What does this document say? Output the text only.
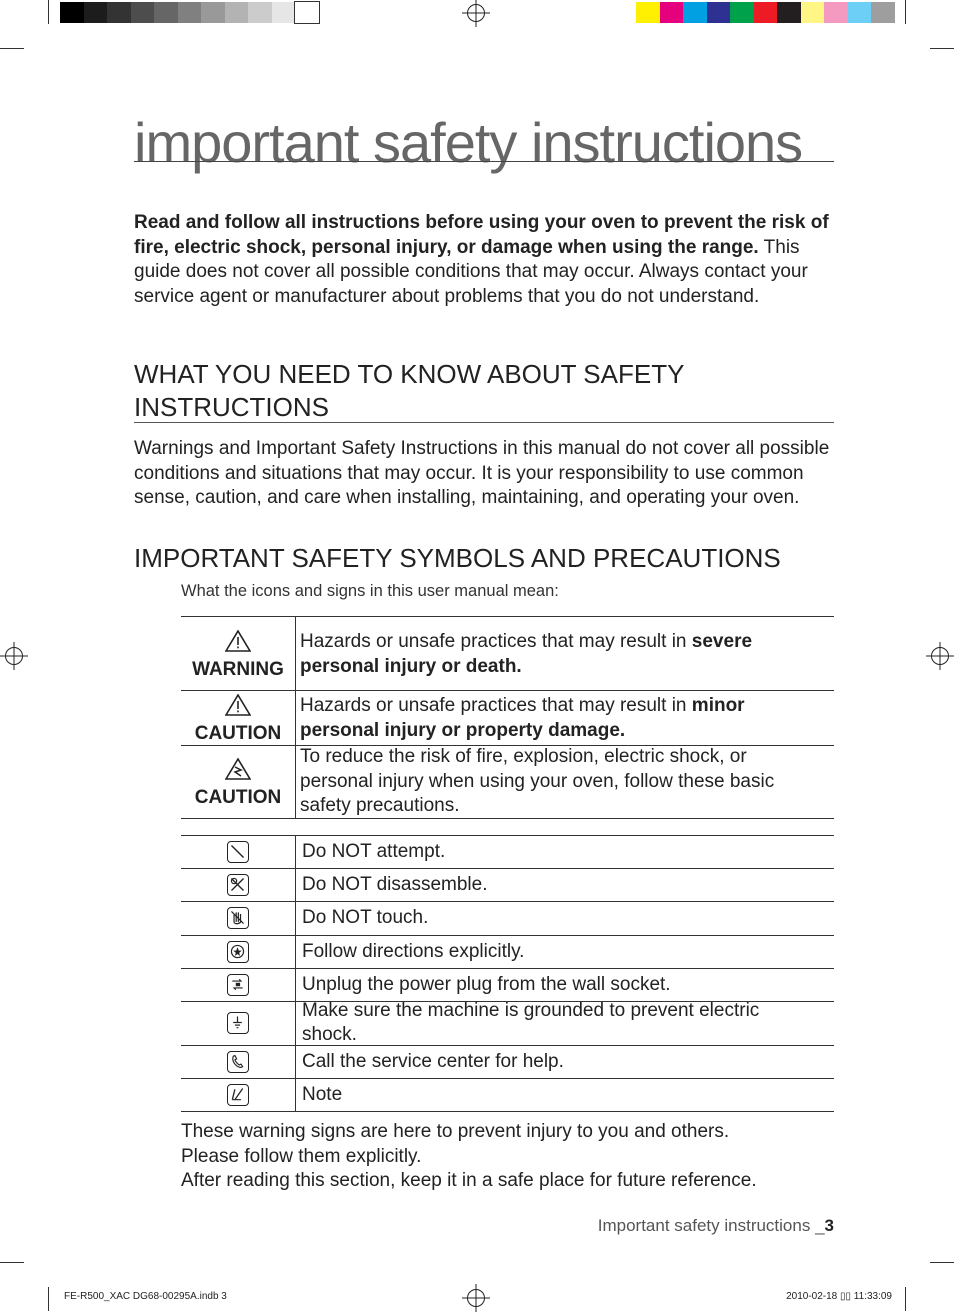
important safety instructions
Read and follow all instructions before using your oven to prevent the risk of fire, electric shock, personal injury, or damage when using the range. This guide does not cover all possible conditions that may occur. Always contact your service agent or manufacturer about problems that you do not understand.
WHAT YOU NEED TO KNOW ABOUT SAFETY INSTRUCTIONS
Warnings and Important Safety Instructions in this manual do not cover all possible conditions and situations that may occur. It is your responsibility to use common sense, caution, and care when installing, maintaining, and operating your oven.
IMPORTANT SAFETY SYMBOLS AND PRECAUTIONS
What the icons and signs in this user manual mean:
WARNING
Hazards or unsafe practices that may result in severe personal injury or death.
CAUTION
Hazards or unsafe practices that may result in minor personal injury or property damage.
CAUTION
To reduce the risk of fire, explosion, electric shock, or personal injury when using your oven, follow these basic safety precautions.
Do NOT attempt.
Do NOT disassemble.
Do NOT touch.
Follow directions explicitly.
Unplug the power plug from the wall socket.
Make sure the machine is grounded to prevent electric shock.
Call the service center for help.
Note
These warning signs are here to prevent injury to you and others.
Please follow them explicitly.
After reading this section, keep it in a safe place for future reference.
Important safety instructions _3
FE-R500_XAC DG68-00295A.indb 3	2010-02-18 ▯▯ 11:33:09
